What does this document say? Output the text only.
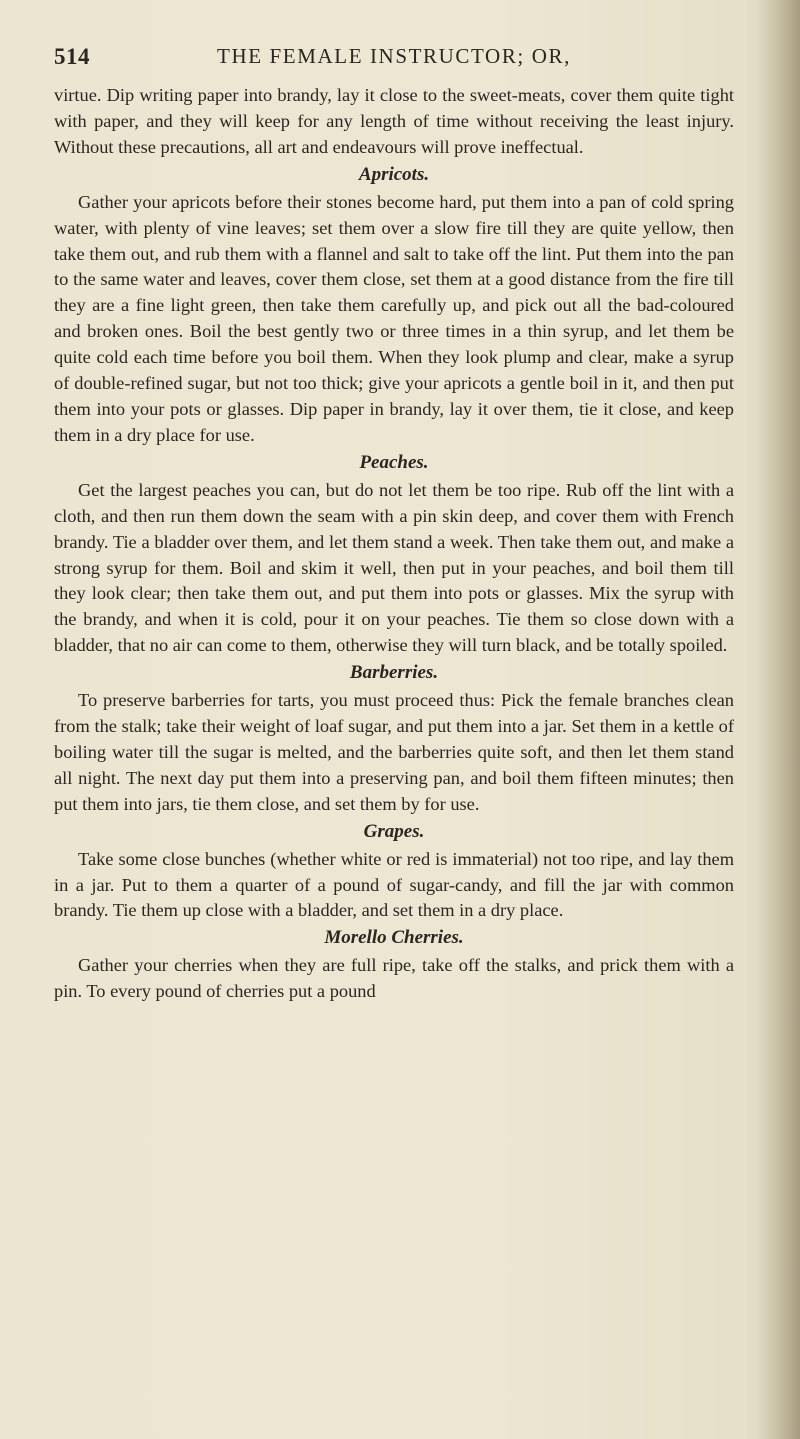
514	THE FEMALE INSTRUCTOR; OR,

virtue. Dip writing paper into brandy, lay it close to the sweet-meats, cover them quite tight with paper, and they will keep for any length of time without receiving the least injury. Without these precautions, all art and endeavours will prove ineffectual.

Apricots.

Gather your apricots before their stones become hard, put them into a pan of cold spring water, with plenty of vine leaves; set them over a slow fire till they are quite yellow, then take them out, and rub them with a flannel and salt to take off the lint. Put them into the pan to the same water and leaves, cover them close, set them at a good distance from the fire till they are a fine light green, then take them carefully up, and pick out all the bad-coloured and broken ones. Boil the best gently two or three times in a thin syrup, and let them be quite cold each time before you boil them. When they look plump and clear, make a syrup of double-refined sugar, but not too thick; give your apricots a gentle boil in it, and then put them into your pots or glasses. Dip paper in brandy, lay it over them, tie it close, and keep them in a dry place for use.

Peaches.

Get the largest peaches you can, but do not let them be too ripe. Rub off the lint with a cloth, and then run them down the seam with a pin skin deep, and cover them with French brandy. Tie a bladder over them, and let them stand a week. Then take them out, and make a strong syrup for them. Boil and skim it well, then put in your peaches, and boil them till they look clear; then take them out, and put them into pots or glasses. Mix the syrup with the brandy, and when it is cold, pour it on your peaches. Tie them so close down with a bladder, that no air can come to them, otherwise they will turn black, and be totally spoiled.

Barberries.

To preserve barberries for tarts, you must proceed thus: Pick the female branches clean from the stalk; take their weight of loaf sugar, and put them into a jar. Set them in a kettle of boiling water till the sugar is melted, and the barberries quite soft, and then let them stand all night. The next day put them into a preserving pan, and boil them fifteen minutes; then put them into jars, tie them close, and set them by for use.

Grapes.

Take some close bunches (whether white or red is immaterial) not too ripe, and lay them in a jar. Put to them a quarter of a pound of sugar-candy, and fill the jar with common brandy. Tie them up close with a bladder, and set them in a dry place.

Morello Cherries.

Gather your cherries when they are full ripe, take off the stalks, and prick them with a pin. To every pound of cherries put a pound
